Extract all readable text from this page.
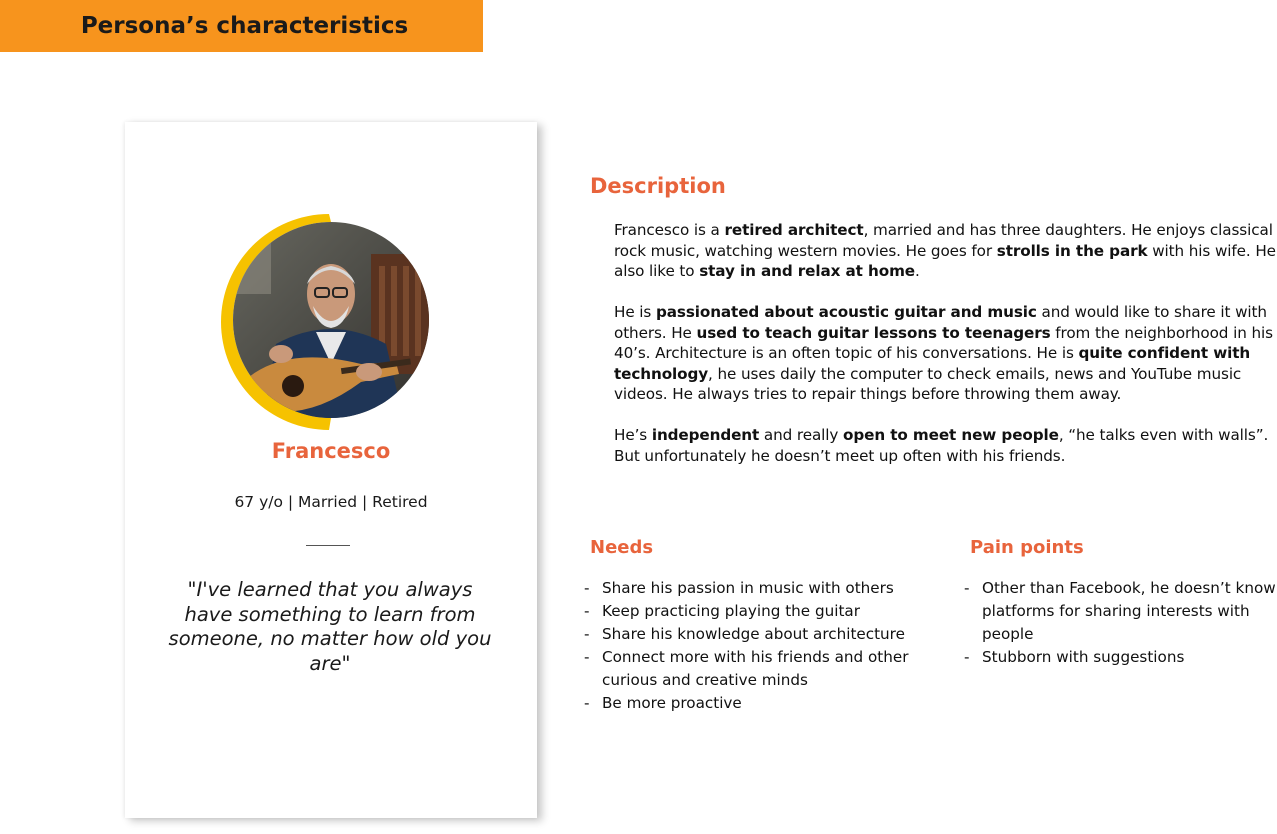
Persona’s characteristics
Francesco
67 y/o | Married | Retired
"I've learned that you always have something to learn from someone, no matter how old you are"
Description

Francesco is a retired architect, married and has three daughters. He enjoys classical rock music, watching western movies. He goes for strolls in the park with his wife. He also like to stay in and relax at home.

He is passionated about acoustic guitar and music and would like to share it with others. He used to teach guitar lessons to teenagers from the neighborhood in his 40’s. Architecture is an often topic of his conversations. He is quite confident with technology, he uses daily the computer to check emails, news and YouTube music videos. He always tries to repair things before throwing them away.

He’s independent and really open to meet new people, “he talks even with walls”. But unfortunately he doesn’t meet up often with his friends.

Needs
- Share his passion in music with others
- Keep practicing playing the guitar
- Share his knowledge about architecture
- Connect more with his friends and other curious and creative minds
- Be more proactive
Pain points
- Other than Facebook, he doesn’t know platforms for sharing interests with people
- Stubborn with suggestions
